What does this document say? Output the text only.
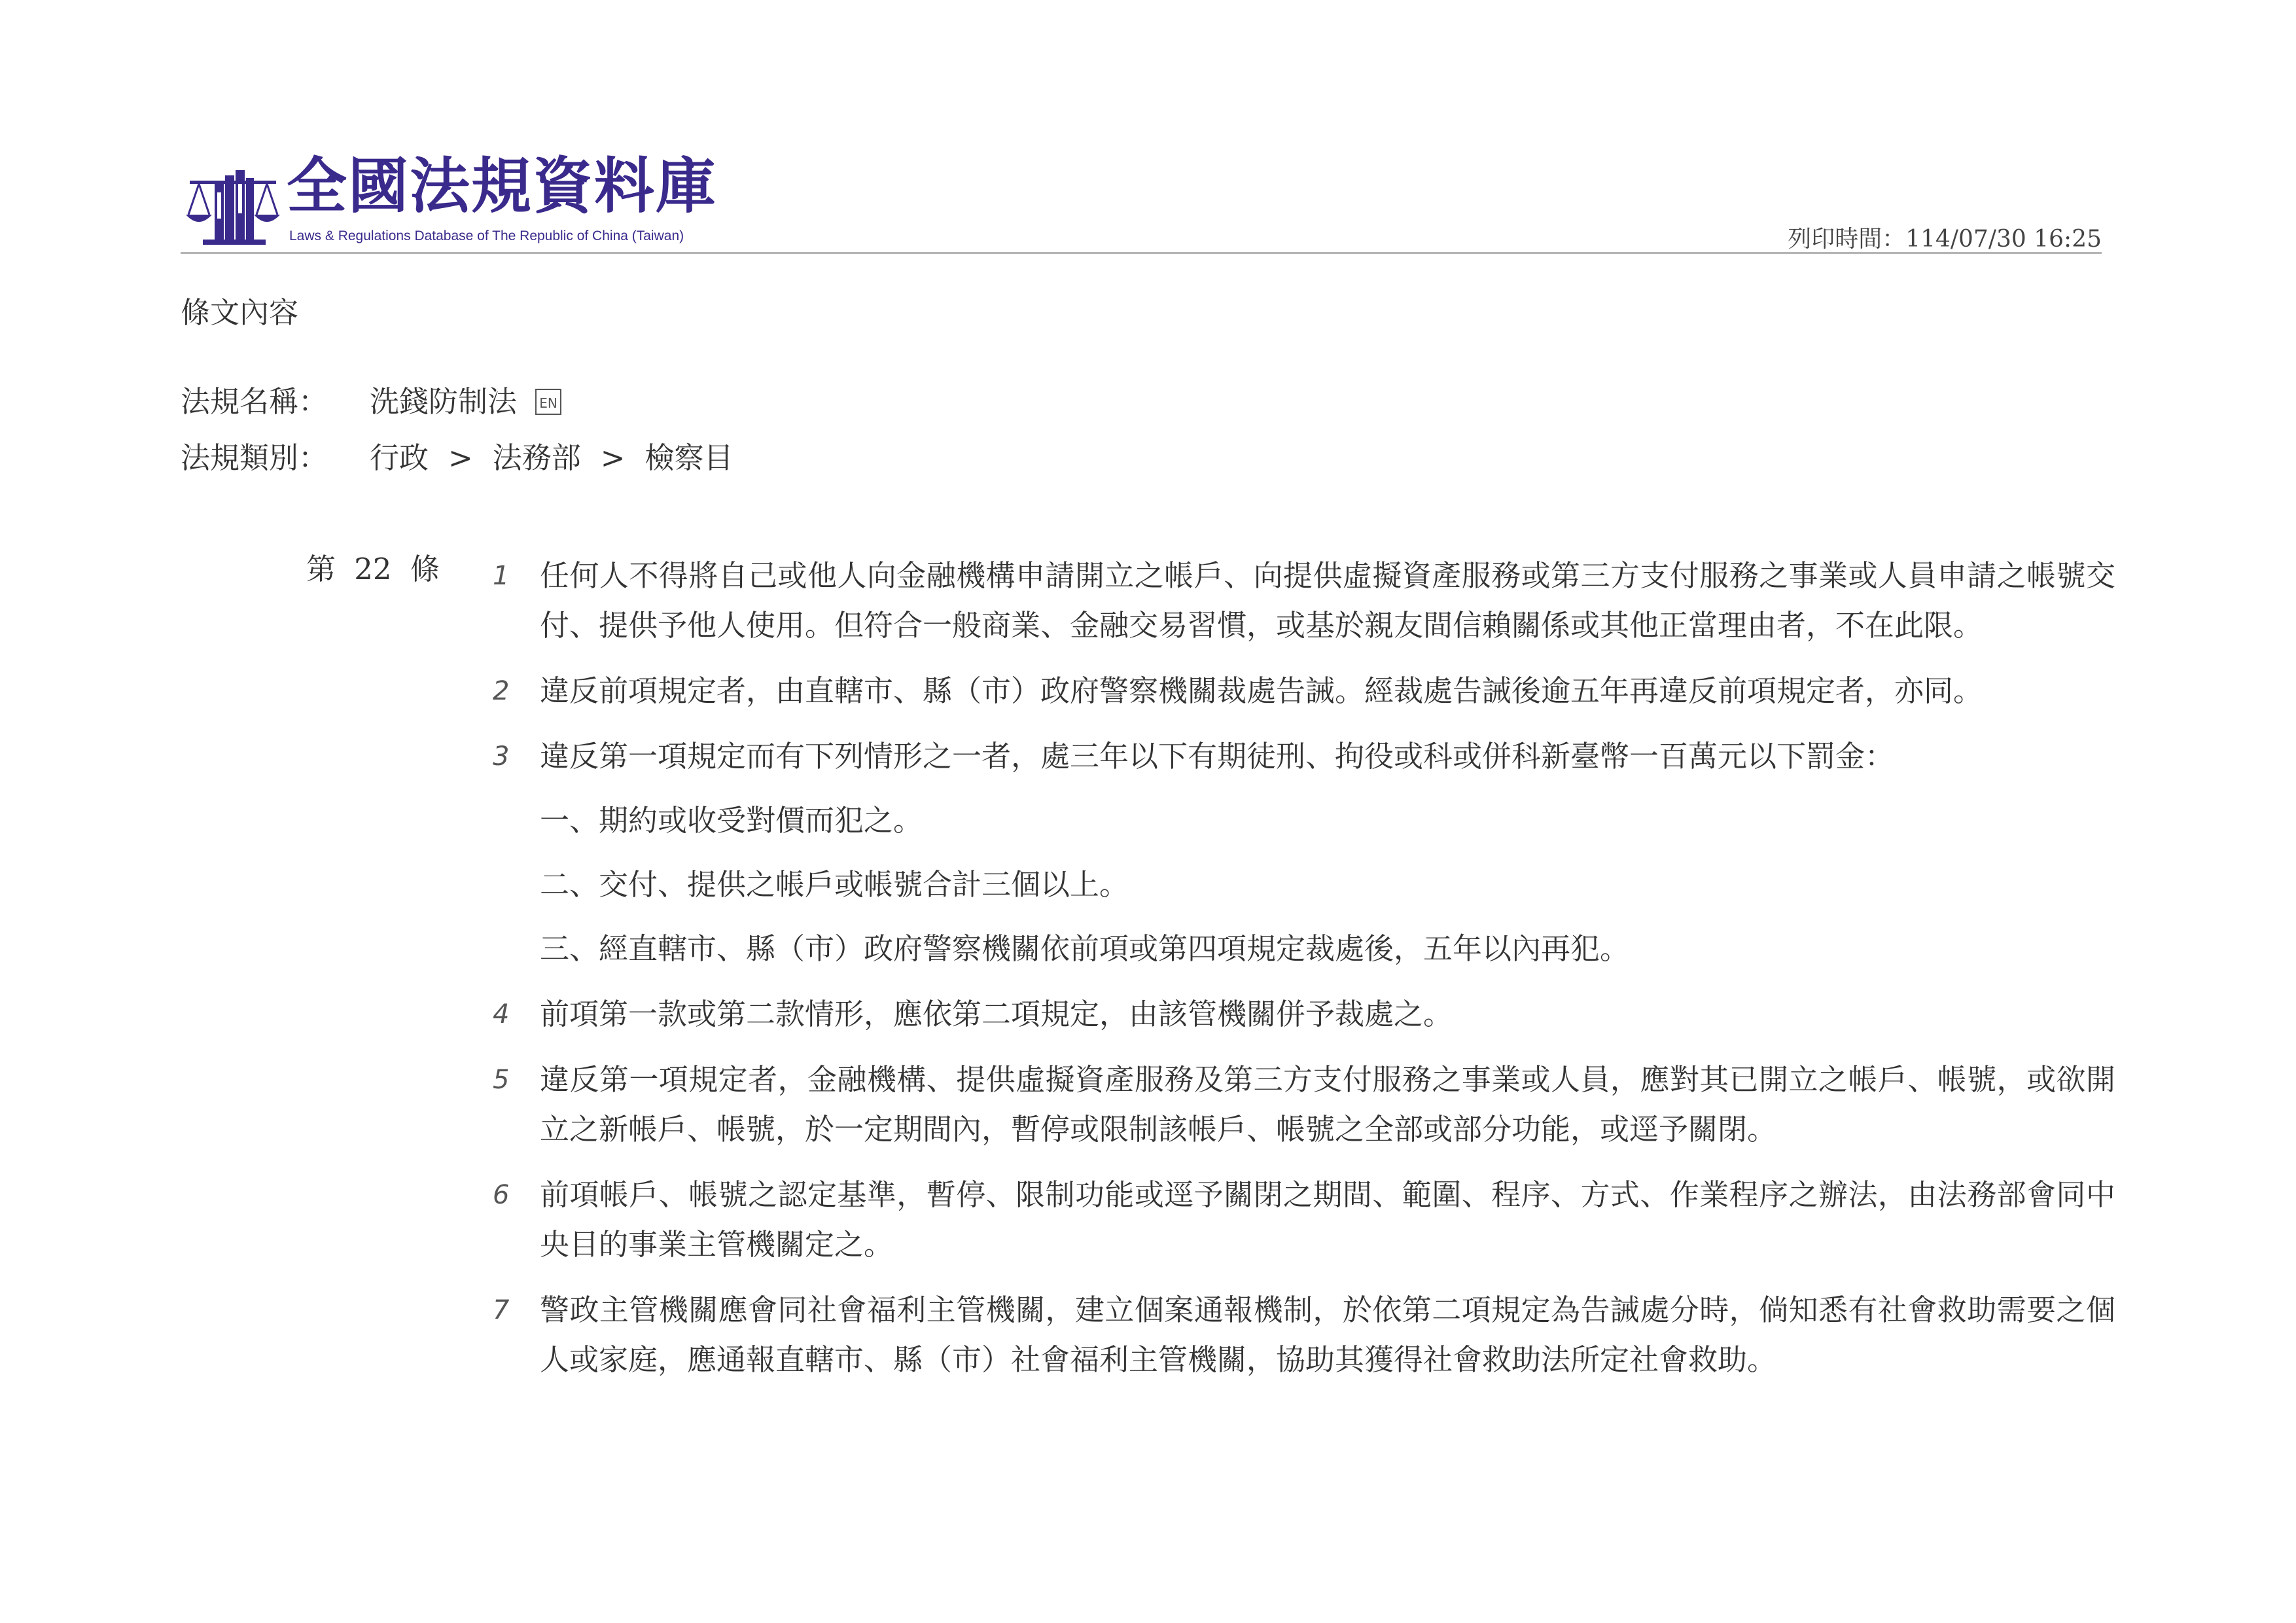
全國法規資料庫
Laws & Regulations Database of The Republic of China (Taiwan)	列印時間：114/07/30 16:25
條文內容
法規名稱：	洗錢防制法	EN
法規類別：	行政 > 法務部 > 檢察目
第 22 條 1 任何人不得將自己或他人向金融機構申請開立之帳戶、向提供虛擬資產服務或第三方支付服務之事業或人員申請之帳號交付、提供予他人使用。但符合一般商業、金融交易習慣，或基於親友間信賴關係或其他正當理由者，不在此限。
2 違反前項規定者，由直轄市、縣（市）政府警察機關裁處告誡。經裁處告誡後逾五年再違反前項規定者，亦同。
3 違反第一項規定而有下列情形之一者，處三年以下有期徒刑、拘役或科或併科新臺幣一百萬元以下罰金：
一、期約或收受對價而犯之。
二、交付、提供之帳戶或帳號合計三個以上。
三、經直轄市、縣（市）政府警察機關依前項或第四項規定裁處後，五年以內再犯。
4 前項第一款或第二款情形，應依第二項規定，由該管機關併予裁處之。
5 違反第一項規定者，金融機構、提供虛擬資產服務及第三方支付服務之事業或人員，應對其已開立之帳戶、帳號，或欲開立之新帳戶、帳號，於一定期間內，暫停或限制該帳戶、帳號之全部或部分功能，或逕予關閉。
6 前項帳戶、帳號之認定基準，暫停、限制功能或逕予關閉之期間、範圍、程序、方式、作業程序之辦法，由法務部會同中央目的事業主管機關定之。
7 警政主管機關應會同社會福利主管機關，建立個案通報機制，於依第二項規定為告誡處分時，倘知悉有社會救助需要之個人或家庭，應通報直轄市、縣（市）社會福利主管機關，協助其獲得社會救助法所定社會救助。
